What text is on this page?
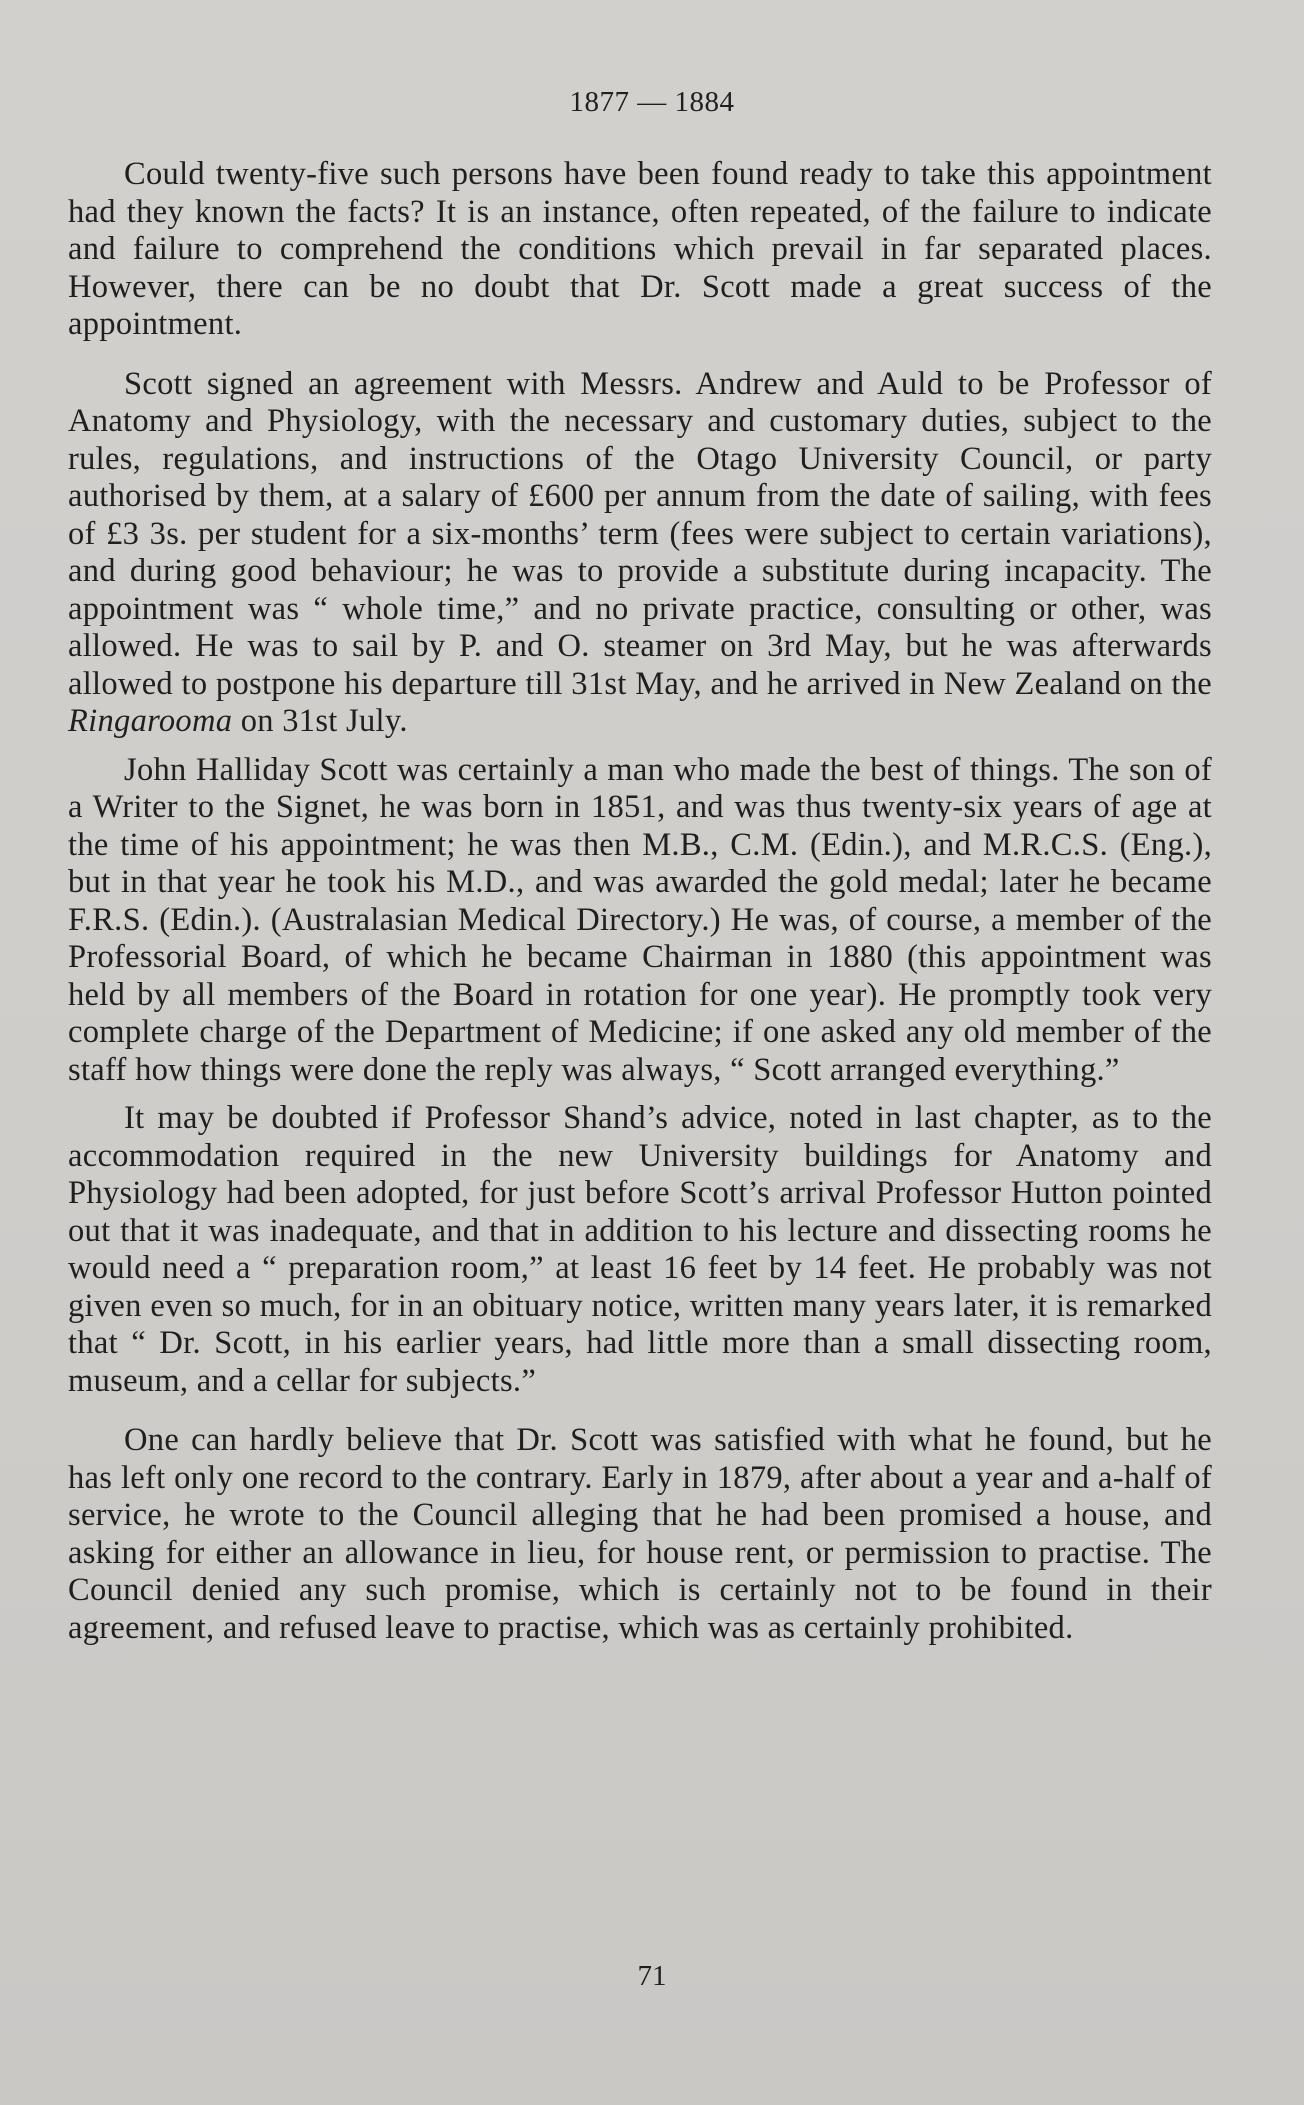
1877 — 1884

Could twenty-five such persons have been found ready to take this appointment had they known the facts? It is an instance, often repeated, of the failure to indicate and failure to comprehend the conditions which prevail in far separated places. However, there can be no doubt that Dr. Scott made a great success of the appointment.

Scott signed an agreement with Messrs. Andrew and Auld to be Professor of Anatomy and Physiology, with the necessary and customary duties, subject to the rules, regulations, and instructions of the Otago University Council, or party authorised by them, at a salary of £600 per annum from the date of sailing, with fees of £3 3s. per student for a six-months’ term (fees were subject to certain variations), and during good behaviour; he was to provide a substitute during incapacity. The appointment was “ whole time,” and no private practice, consulting or other, was allowed. He was to sail by P. and O. steamer on 3rd May, but he was afterwards allowed to postpone his departure till 31st May, and he arrived in New Zealand on the Ringarooma on 31st July.

John Halliday Scott was certainly a man who made the best of things. The son of a Writer to the Signet, he was born in 1851, and was thus twenty-six years of age at the time of his appointment; he was then M.B., C.M. (Edin.), and M.R.C.S. (Eng.), but in that year he took his M.D., and was awarded the gold medal; later he became F.R.S. (Edin.). (Australasian Medical Directory.) He was, of course, a member of the Professorial Board, of which he became Chairman in 1880 (this appointment was held by all members of the Board in rotation for one year). He promptly took very complete charge of the Department of Medicine; if one asked any old member of the staff how things were done the reply was always, “ Scott arranged everything.”

It may be doubted if Professor Shand’s advice, noted in last chapter, as to the accommodation required in the new University buildings for Anatomy and Physiology had been adopted, for just before Scott’s arrival Professor Hutton pointed out that it was inadequate, and that in addition to his lecture and dissecting rooms he would need a “ preparation room,” at least 16 feet by 14 feet. He probably was not given even so much, for in an obituary notice, written many years later, it is remarked that “ Dr. Scott, in his earlier years, had little more than a small dissecting room, museum, and a cellar for subjects.”

One can hardly believe that Dr. Scott was satisfied with what he found, but he has left only one record to the contrary. Early in 1879, after about a year and a-half of service, he wrote to the Council alleging that he had been promised a house, and asking for either an allowance in lieu, for house rent, or permission to practise. The Council denied any such promise, which is certainly not to be found in their agreement, and refused leave to practise, which was as certainly prohibited.

71
